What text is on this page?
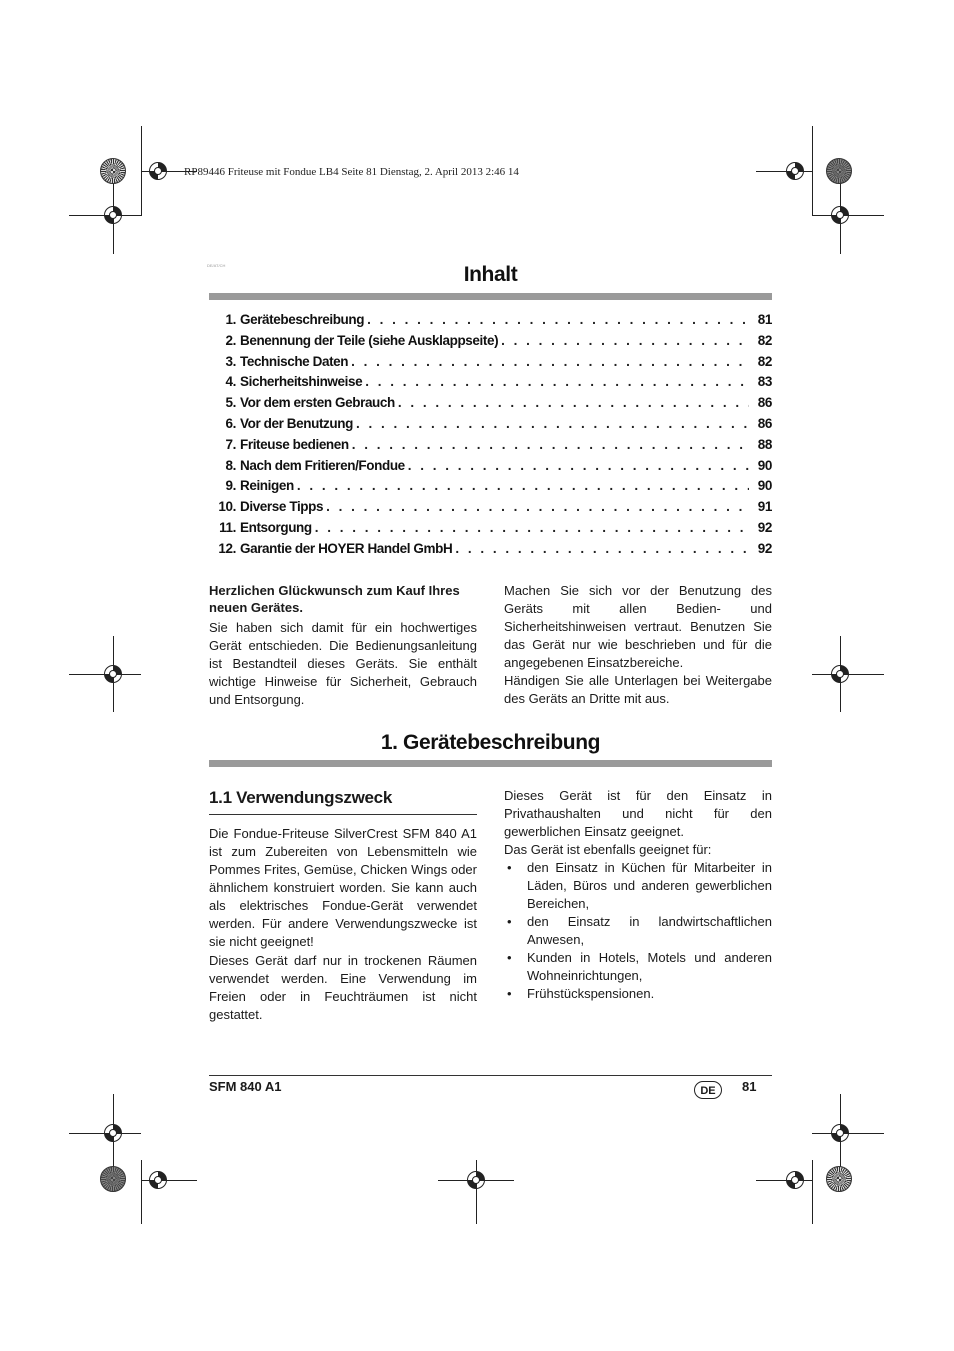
RP89446 Friteuse mit Fondue LB4 Seite 81 Dienstag, 2. April 2013 2:46 14
DE/AT/CH	Inhalt
1. Gerätebeschreibung . . .	81
2. Benennung der Teile (siehe Ausklappseite) . . .	82
3. Technische Daten . . .	82
4. Sicherheitshinweise . . .	83
5. Vor dem ersten Gebrauch . . .	86
6. Vor der Benutzung . . .	86
7. Friteuse bedienen . . .	88
8. Nach dem Fritieren/Fondue . . .	90
9. Reinigen . . .	90
10. Diverse Tipps . . .	91
11. Entsorgung . . .	92
12. Garantie der HOYER Handel GmbH . . .	92
Herzlichen Glückwunsch zum Kauf Ihres neuen Gerätes.

Sie haben sich damit für ein hochwertiges Gerät entschieden. Die Bedienungsanleitung ist Bestandteil dieses Geräts. Sie enthält wichtige Hinweise für Sicherheit, Gebrauch und Entsorgung.

Machen Sie sich vor der Benutzung des Geräts mit allen Bedien- und Sicherheitshinweisen vertraut. Benutzen Sie das Gerät nur wie beschrieben und für die angegebenen Einsatzbereiche.

Händigen Sie alle Unterlagen bei Weitergabe des Geräts an Dritte mit aus.

1. Gerätebeschreibung
1.1 Verwendungszweck

Die Fondue-Friteuse SilverCrest SFM 840 A1 ist zum Zubereiten von Lebensmitteln wie Pommes Frites, Gemüse, Chicken Wings oder ähnlichem konstruiert worden. Sie kann auch als elektrisches Fondue-Gerät verwendet werden. Für andere Verwendungszwecke ist sie nicht geeignet!

Dieses Gerät darf nur in trockenen Räumen verwendet werden. Eine Verwendung im Freien oder in Feuchträumen ist nicht gestattet.

Dieses Gerät ist für den Einsatz in Privathaushalten und nicht für den gewerblichen Einsatz geeignet.

Das Gerät ist ebenfalls geeignet für:

• den Einsatz in Küchen für Mitarbeiter in Läden, Büros und anderen gewerblichen Bereichen,
• den Einsatz in landwirtschaftlichen Anwesen,
• Kunden in Hotels, Motels und anderen Wohneinrichtungen,
• Frühstückspensionen.
SFM 840 A1	DE	81
